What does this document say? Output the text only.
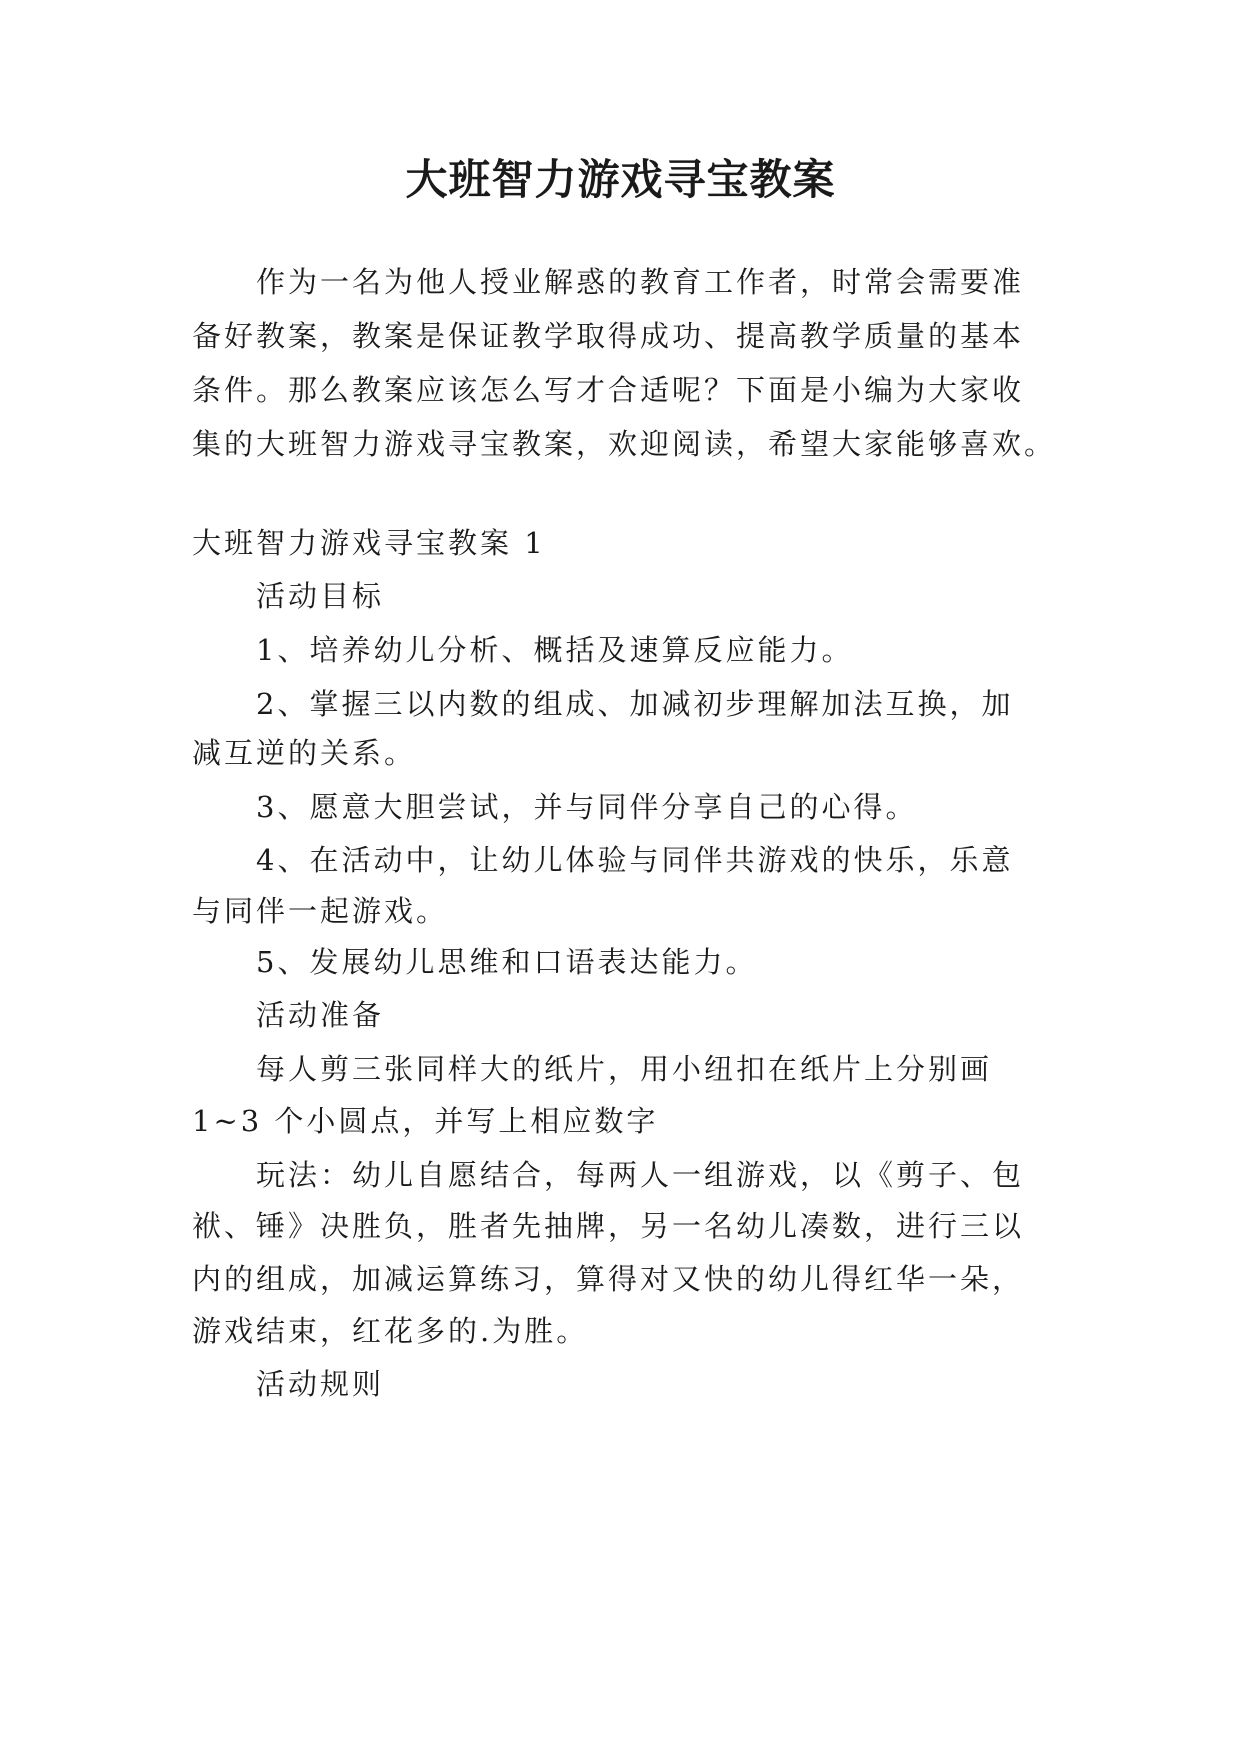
大班智力游戏寻宝教案

作为一名为他人授业解惑的教育工作者，时常会需要准

备好教案，教案是保证教学取得成功、提高教学质量的基本

条件。那么教案应该怎么写才合适呢？下面是小编为大家收

集的大班智力游戏寻宝教案，欢迎阅读，希望大家能够喜欢。

大班智力游戏寻宝教案 1

活动目标

1、培养幼儿分析、概括及速算反应能力。

2、掌握三以内数的组成、加减初步理解加法互换，加

减互逆的关系。

3、愿意大胆尝试，并与同伴分享自己的心得。

4、在活动中，让幼儿体验与同伴共游戏的快乐，乐意

与同伴一起游戏。

5、发展幼儿思维和口语表达能力。

活动准备

每人剪三张同样大的纸片，用小纽扣在纸片上分别画

1~3 个小圆点，并写上相应数字

玩法：幼儿自愿结合，每两人一组游戏，以《剪子、包

袱、锤》决胜负，胜者先抽牌，另一名幼儿凑数，进行三以

内的组成，加减运算练习，算得对又快的幼儿得红华一朵，

游戏结束，红花多的.为胜。

活动规则
